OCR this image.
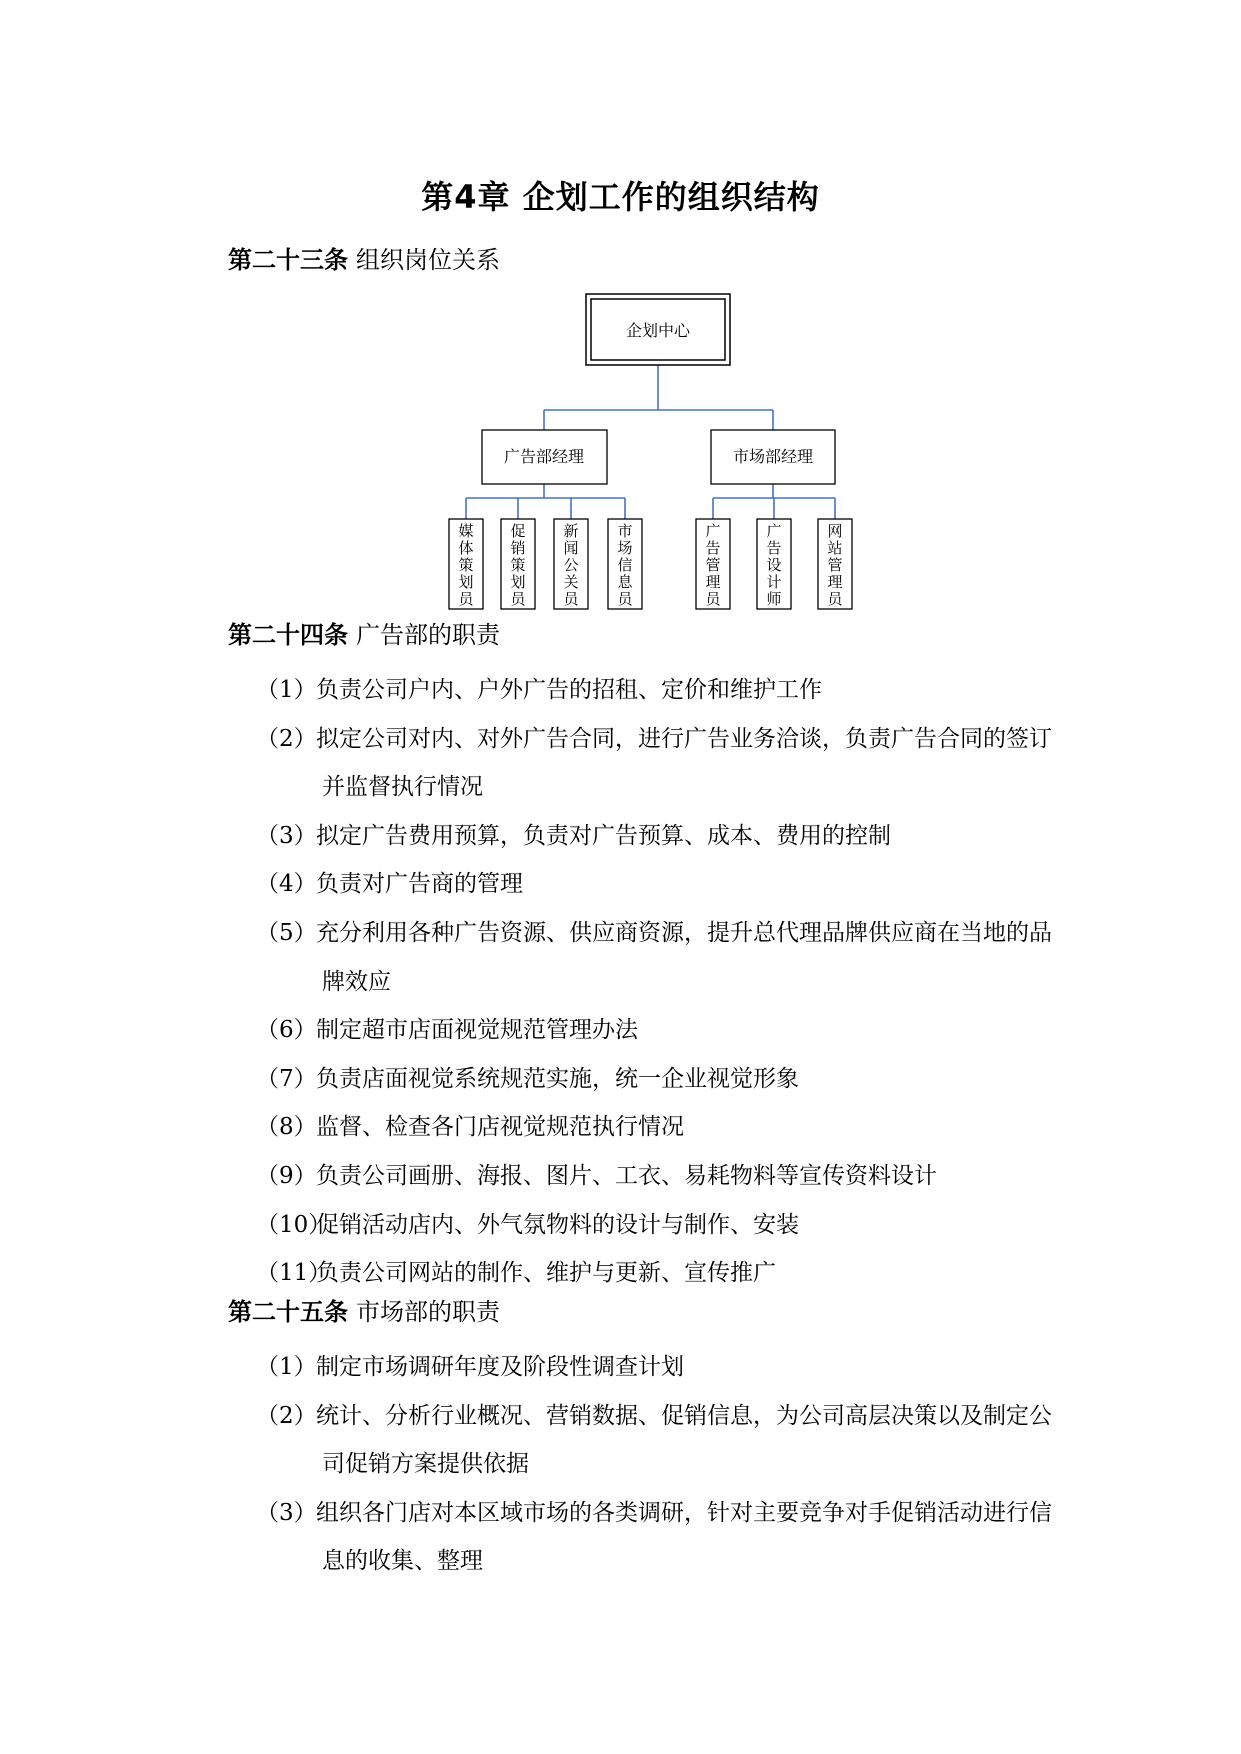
第4章 企划工作的组织结构
第二十三条 组织岗位关系
企划中心
广告部经理	市场部经理
媒
体
策
划
员
促
销
策
划
员
新
闻
公
关
员
市
场
信
息
员
广
告
管
理
员
广
告
设
计
师
网
站
管
理
员
第二十四条 广告部的职责
（1）负责公司户内、户外广告的招租、定价和维护工作
（2）拟定公司对内、对外广告合同，进行广告业务洽谈，负责广告合同的签订
并监督执行情况
（3）拟定广告费用预算，负责对广告预算、成本、费用的控制
（4）负责对广告商的管理
（5）充分利用各种广告资源、供应商资源，提升总代理品牌供应商在当地的品
牌效应
（6）制定超市店面视觉规范管理办法
（7）负责店面视觉系统规范实施，统一企业视觉形象
（8）监督、检查各门店视觉规范执行情况
（9）负责公司画册、海报、图片、工衣、易耗物料等宣传资料设计
（10）促销活动店内、外气氛物料的设计与制作、安装
（11）负责公司网站的制作、维护与更新、宣传推广
第二十五条 市场部的职责
（1）制定市场调研年度及阶段性调查计划
（2）统计、分析行业概况、营销数据、促销信息，为公司高层决策以及制定公
司促销方案提供依据
（3）组织各门店对本区域市场的各类调研，针对主要竞争对手促销活动进行信
息的收集、整理
